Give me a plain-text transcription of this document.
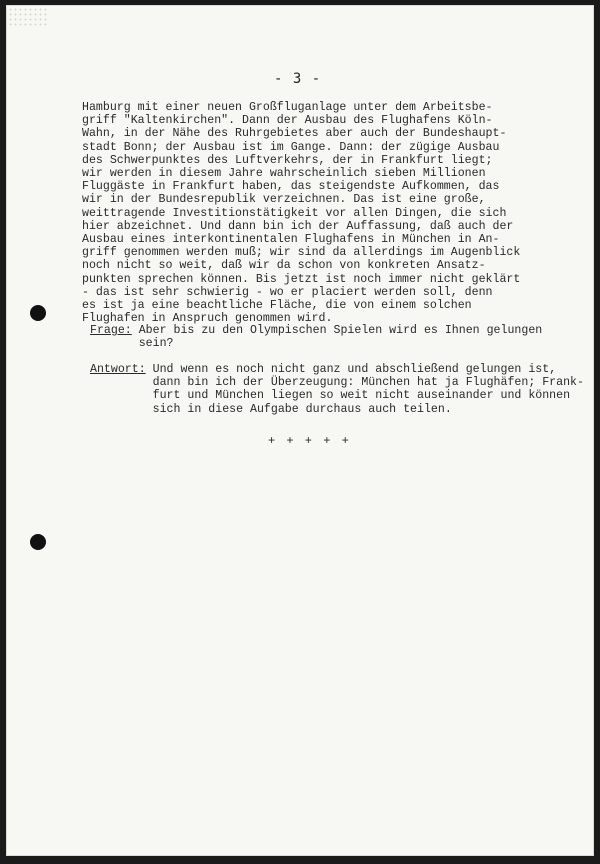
- 3 -
Hamburg mit einer neuen Großfluganlage unter dem Arbeitsbe-
griff "Kaltenkirchen". Dann der Ausbau des Flughafens Köln-
Wahn, in der Nähe des Ruhrgebietes aber auch der Bundeshaupt-
stadt Bonn; der Ausbau ist im Gange. Dann: der zügige Ausbau
des Schwerpunktes des Luftverkehrs, der in Frankfurt liegt;
wir werden in diesem Jahre wahrscheinlich sieben Millionen
Fluggäste in Frankfurt haben, das steigendste Aufkommen, das
wir in der Bundesrepublik verzeichnen. Das ist eine große,
weittragende Investitionstätigkeit vor allen Dingen, die sich
hier abzeichnet. Und dann bin ich der Auffassung, daß auch der
Ausbau eines interkontinentalen Flughafens in München in An-
griff genommen werden muß; wir sind da allerdings im Augenblick
noch nicht so weit, daß wir da schon von konkreten Ansatz-
punkten sprechen können. Bis jetzt ist noch immer nicht geklärt
- das ist sehr schwierig - wo er placiert werden soll, denn
es ist ja eine beachtliche Fläche, die von einem solchen
Flughafen in Anspruch genommen wird.
Frage: Aber bis zu den Olympischen Spielen wird es Ihnen gelungen
sein?
Antwort: Und wenn es noch nicht ganz und abschließend gelungen ist,
dann bin ich der Überzeugung: München hat ja Flughäfen; Frank-
furt und München liegen so weit nicht auseinander und können
sich in diese Aufgabe durchaus auch teilen.
+ + + + +
